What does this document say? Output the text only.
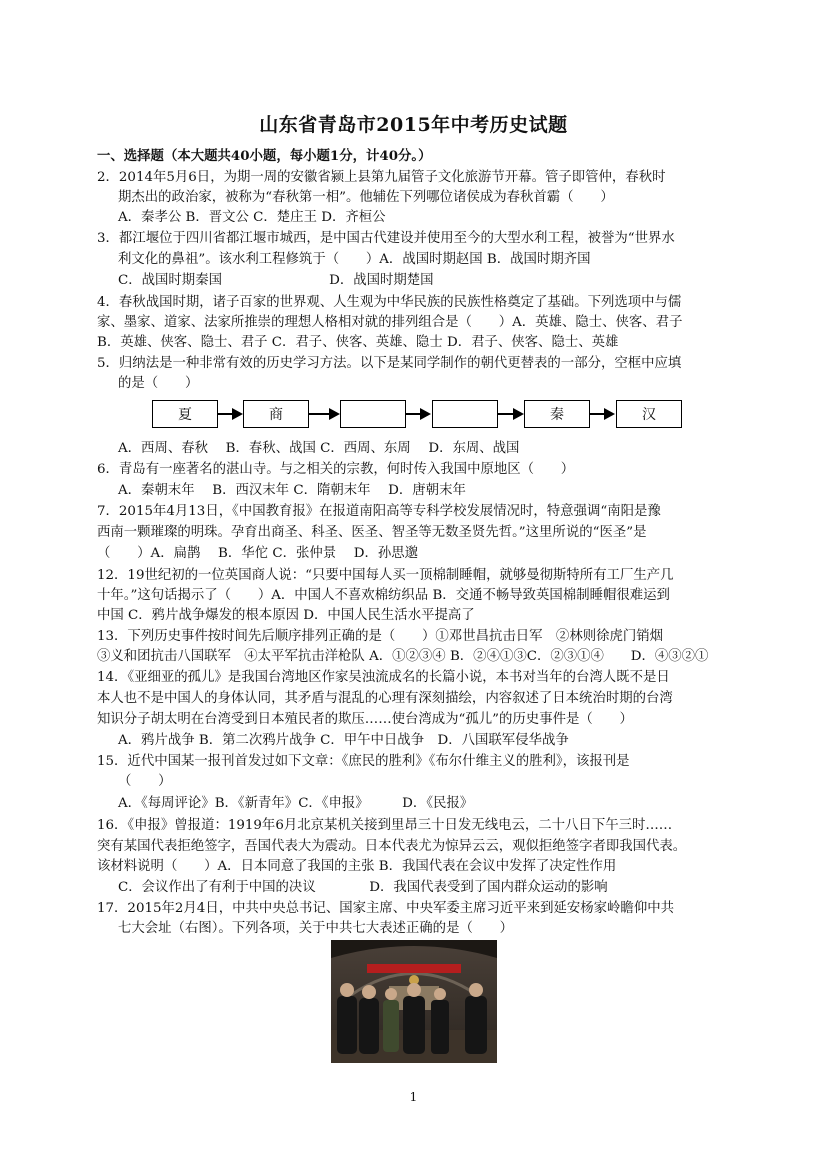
山东省青岛市2015年中考历史试题
一、选择题（本大题共40小题，每小题1分，计40分。）
2．2014年5月6日，为期一周的安徽省颍上县第九届管子文化旅游节开幕。管子即管仲，春秋时
期杰出的政治家，被称为“春秋第一相”。他辅佐下列哪位诸侯成为春秋首霸（　　）
A．秦孝公 B．晋文公 C．楚庄王 D．齐桓公
3．都江堰位于四川省都江堰市城西，是中国古代建设并使用至今的大型水利工程，被誉为“世界水
利文化的鼻祖”。该水利工程修筑于（　　）A．战国时期赵国 B．战国时期齐国
C．战国时期秦国　　　　　　　　D．战国时期楚国
4．春秋战国时期，诸子百家的世界观、人生观为中华民族的民族性格奠定了基础。下列选项中与儒
家、墨家、道家、法家所推崇的理想人格相对就的排列组合是（　　）A．英雄、隐士、侠客、君子
B．英雄、侠客、隐士、君子 C．君子、侠客、英雄、隐士 D．君子、侠客、隐士、英雄
5．归纳法是一种非常有效的历史学习方法。以下是某同学制作的朝代更替表的一部分，空框中应填
的是（　　）
夏	商	秦	汉
A．西周、春秋　 B．春秋、战国 C．西周、东周　 D．东周、战国
6．青岛有一座著名的湛山寺。与之相关的宗教，何时传入我国中原地区（　　）
A．秦朝末年　 B．西汉末年 C．隋朝末年　 D．唐朝末年
7．2015年4月13日，《中国教育报》在报道南阳高等专科学校发展情况时，特意强调“南阳是豫
西南一颗璀璨的明珠。孕育出商圣、科圣、医圣、智圣等无数圣贤先哲。”这里所说的“医圣”是
（　　）A．扁鹊　 B．华佗 C．张仲景　 D．孙思邈
12．19世纪初的一位英国商人说：“只要中国每人买一顶棉制睡帽，就够曼彻斯特所有工厂生产几
十年。”这句话揭示了（　　）A．中国人不喜欢棉纺织品 B．交通不畅导致英国棉制睡帽很难运到
中国 C．鸦片战争爆发的根本原因 D．中国人民生活水平提高了
13．下列历史事件按时间先后顺序排列正确的是（　　）①邓世昌抗击日军　②林则徐虎门销烟
③义和团抗击八国联军　④太平军抗击洋枪队 A．①②③④ B．②④①③C．②③①④　　D．④③②①
14．《亚细亚的孤儿》是我国台湾地区作家吴浊流成名的长篇小说，本书对当年的台湾人既不是日
本人也不是中国人的身体认同，其矛盾与混乱的心理有深刻描绘，内容叙述了日本统治时期的台湾
知识分子胡太明在台湾受到日本殖民者的欺压……使台湾成为“孤儿”的历史事件是（　　）
A．鸦片战争 B．第二次鸦片战争 C．甲午中日战争　D．八国联军侵华战争
15．近代中国某一报刊首发过如下文章：《庶民的胜利》《布尔什维主义的胜利》，该报刊是
（　　）
A．《每周评论》B．《新青年》C．《申报》　　　D．《民报》
16．《申报》曾报道：1919年6月北京某机关接到里昂三十日发无线电云，二十八日下午三时……
突有某国代表拒绝签字，吾国代表大为震动。日本代表尤为惊异云云，观似拒绝签字者即我国代表。
该材料说明（　　）A．日本同意了我国的主张 B．我国代表在会议中发挥了决定性作用
C．会议作出了有利于中国的决议　　　　D．我国代表受到了国内群众运动的影响
17．2015年2月4日，中共中央总书记、国家主席、中央军委主席习近平来到延安杨家岭瞻仰中共
七大会址（右图）。下列各项，关于中共七大表述正确的是（　　）
1
